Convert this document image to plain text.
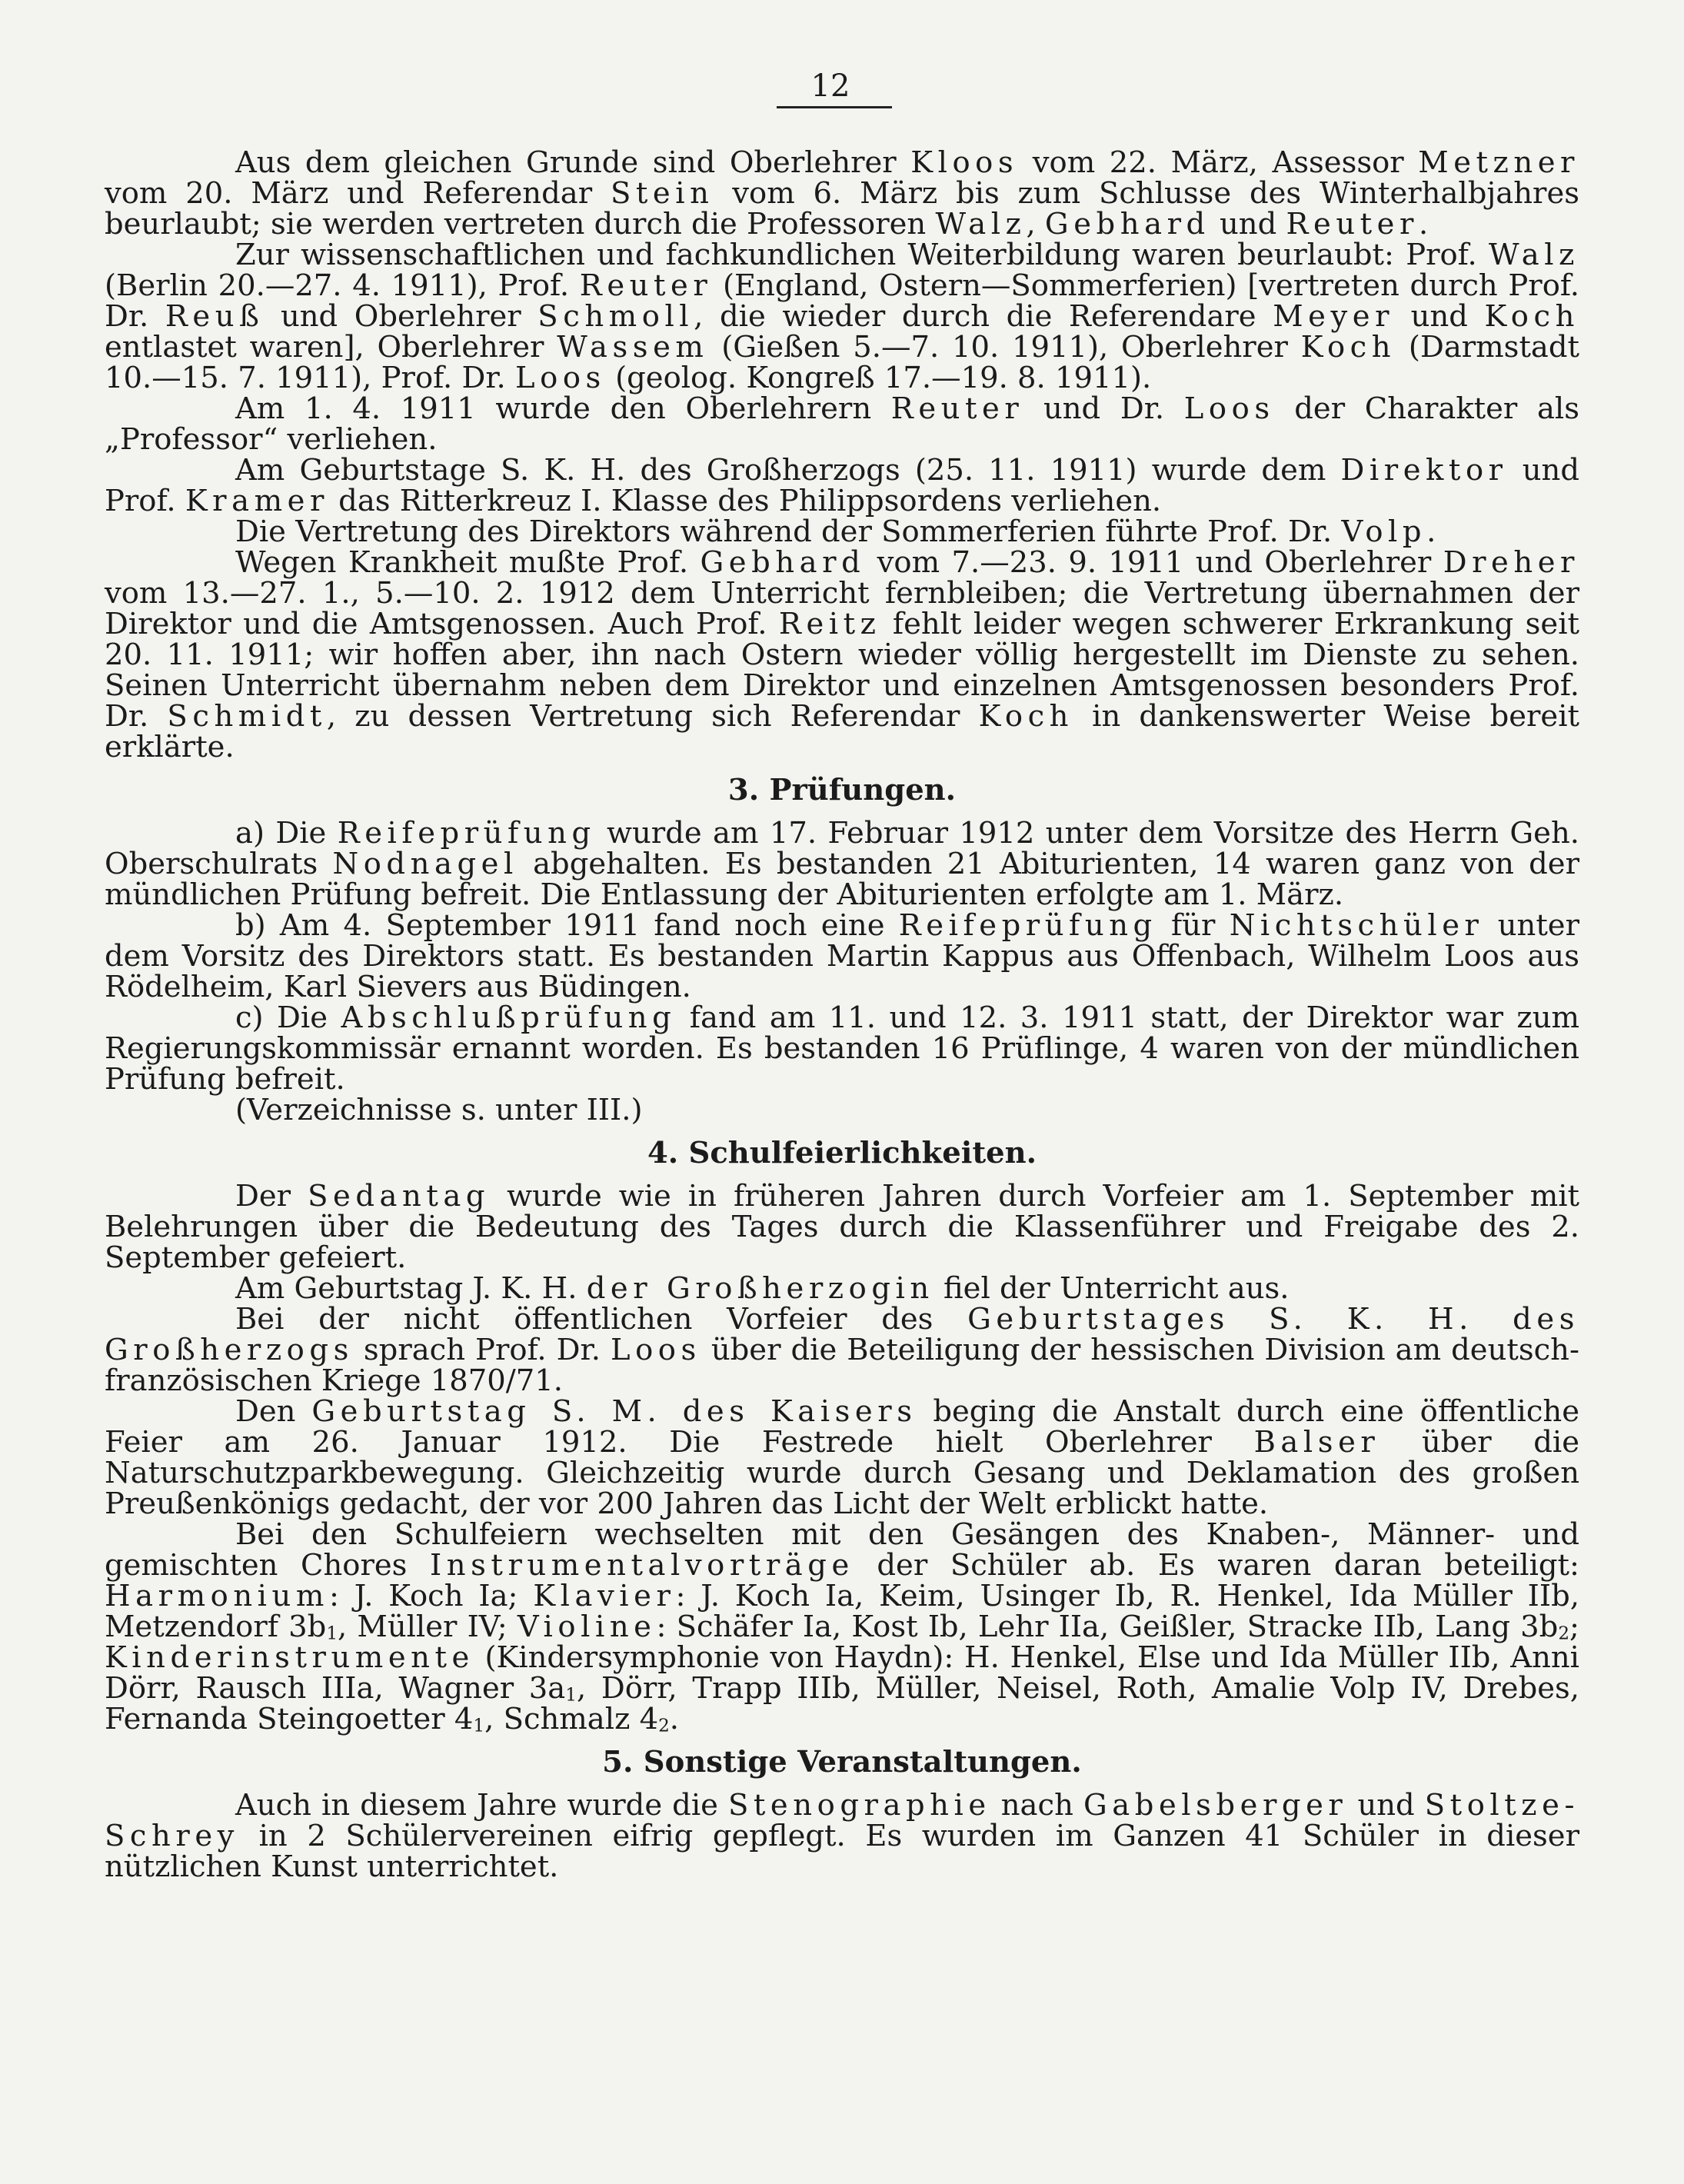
12

Aus dem gleichen Grunde sind Oberlehrer Kloos vom 22. März, Assessor Metzner vom 20. März und Referendar Stein vom 6. März bis zum Schlusse des Winterhalbjahres beurlaubt; sie werden vertreten durch die Professoren Walz, Gebhard und Reuter.

Zur wissenschaftlichen und fachkundlichen Weiterbildung waren beurlaubt: Prof. Walz (Berlin 20.—27. 4. 1911), Prof. Reuter (England, Ostern—Sommerferien) [vertreten durch Prof. Dr. Reuß und Oberlehrer Schmoll, die wieder durch die Referendare Meyer und Koch entlastet waren], Oberlehrer Wassem (Gießen 5.—7. 10. 1911), Oberlehrer Koch (Darmstadt 10.—15. 7. 1911), Prof. Dr. Loos (geolog. Kongreß 17.—19. 8. 1911).

Am 1. 4. 1911 wurde den Oberlehrern Reuter und Dr. Loos der Charakter als „Professor“ verliehen.

Am Geburtstage S. K. H. des Großherzogs (25. 11. 1911) wurde dem Direktor und Prof. Kramer das Ritterkreuz I. Klasse des Philippsordens verliehen.

Die Vertretung des Direktors während der Sommerferien führte Prof. Dr. Volp.

Wegen Krankheit mußte Prof. Gebhard vom 7.—23. 9. 1911 und Oberlehrer Dreher vom 13.—27. 1., 5.—10. 2. 1912 dem Unterricht fernbleiben; die Vertretung übernahmen der Direktor und die Amtsgenossen. Auch Prof. Reitz fehlt leider wegen schwerer Erkrankung seit 20. 11. 1911; wir hoffen aber, ihn nach Ostern wieder völlig hergestellt im Dienste zu sehen. Seinen Unterricht übernahm neben dem Direktor und einzelnen Amtsgenossen besonders Prof. Dr. Schmidt, zu dessen Vertretung sich Referendar Koch in dankenswerter Weise bereit erklärte.

3. Prüfungen.

a) Die Reifeprüfung wurde am 17. Februar 1912 unter dem Vorsitze des Herrn Geh. Oberschulrats Nodnagel abgehalten. Es bestanden 21 Abiturienten, 14 waren ganz von der mündlichen Prüfung befreit. Die Entlassung der Abiturienten erfolgte am 1. März.

b) Am 4. September 1911 fand noch eine Reifeprüfung für Nichtschüler unter dem Vorsitz des Direktors statt. Es bestanden Martin Kappus aus Offenbach, Wilhelm Loos aus Rödelheim, Karl Sievers aus Büdingen.

c) Die Abschlußprüfung fand am 11. und 12. 3. 1911 statt, der Direktor war zum Regierungskommissär ernannt worden. Es bestanden 16 Prüflinge, 4 waren von der mündlichen Prüfung befreit.

(Verzeichnisse s. unter III.)

4. Schulfeierlichkeiten.

Der Sedantag wurde wie in früheren Jahren durch Vorfeier am 1. September mit Belehrungen über die Bedeutung des Tages durch die Klassenführer und Freigabe des 2. September gefeiert.

Am Geburtstag J. K. H. der Großherzogin fiel der Unterricht aus.

Bei der nicht öffentlichen Vorfeier des Geburtstages S. K. H. des Großherzogs sprach Prof. Dr. Loos über die Beteiligung der hessischen Division am deutsch-französischen Kriege 1870/71.

Den Geburtstag S. M. des Kaisers beging die Anstalt durch eine öffentliche Feier am 26. Januar 1912. Die Festrede hielt Oberlehrer Balser über die Naturschutzparkbewegung. Gleichzeitig wurde durch Gesang und Deklamation des großen Preußenkönigs gedacht, der vor 200 Jahren das Licht der Welt erblickt hatte.

Bei den Schulfeiern wechselten mit den Gesängen des Knaben-, Männer- und gemischten Chores Instrumentalvorträge der Schüler ab. Es waren daran beteiligt: Harmonium: J. Koch Ia; Klavier: J. Koch Ia, Keim, Usinger Ib, R. Henkel, Ida Müller IIb, Metzendorf $3b_1$, Müller IV; Violine: Schäfer Ia, Kost Ib, Lehr IIa, Geißler, Stracke IIb, Lang $3b_2$; Kinderinstrumente (Kindersymphonie von Haydn): H. Henkel, Else und Ida Müller IIb, Anni Dörr, Rausch IIIa, Wagner $3a_1$, Dörr, Trapp IIIb, Müller, Neisel, Roth, Amalie Volp IV, Drebes, Fernanda Steingoetter $4_1$, Schmalz $4_2$.

5. Sonstige Veranstaltungen.

Auch in diesem Jahre wurde die Stenographie nach Gabelsberger und Stoltze-Schrey in 2 Schülervereinen eifrig gepflegt. Es wurden im Ganzen 41 Schüler in dieser nützlichen Kunst unterrichtet.
